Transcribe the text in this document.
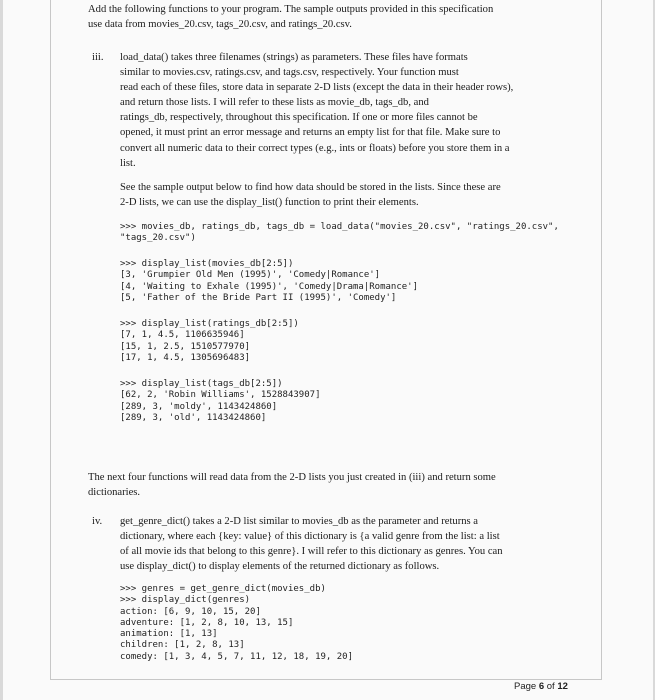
Add the following functions to your program. The sample outputs provided in this specification
use data from movies_20.csv, tags_20.csv, and ratings_20.csv.
iii. load_data() takes three filenames (strings) as parameters. These files have formats
similar to movies.csv, ratings.csv, and tags.csv, respectively. Your function must
read each of these files, store data in separate 2-D lists (except the data in their header rows),
and return those lists. I will refer to these lists as movie_db, tags_db, and
ratings_db, respectively, throughout this specification. If one or more files cannot be
opened, it must print an error message and returns an empty list for that file. Make sure to
convert all numeric data to their correct types (e.g., ints or floats) before you store them in a
list.
See the sample output below to find how data should be stored in the lists. Since these are
2-D lists, we can use the display_list() function to print their elements.
>>> movies_db, ratings_db, tags_db = load_data("movies_20.csv", "ratings_20.csv",
"tags_20.csv")
>>> display_list(movies_db[2:5])
[3, 'Grumpier Old Men (1995)', 'Comedy|Romance']
[4, 'Waiting to Exhale (1995)', 'Comedy|Drama|Romance']
[5, 'Father of the Bride Part II (1995)', 'Comedy']
>>> display_list(ratings_db[2:5])
[7, 1, 4.5, 1106635946]
[15, 1, 2.5, 1510577970]
[17, 1, 4.5, 1305696483]
>>> display_list(tags_db[2:5])
[62, 2, 'Robin Williams', 1528843907]
[289, 3, 'moldy', 1143424860]
[289, 3, 'old', 1143424860]
The next four functions will read data from the 2-D lists you just created in (iii) and return some
dictionaries.
iv. get_genre_dict() takes a 2-D list similar to movies_db as the parameter and returns a
dictionary, where each {key: value} of this dictionary is {a valid genre from the list: a list
of all movie ids that belong to this genre}. I will refer to this dictionary as genres. You can
use display_dict() to display elements of the returned dictionary as follows.
>>> genres = get_genre_dict(movies_db)
>>> display_dict(genres)
action: [6, 9, 10, 15, 20]
adventure: [1, 2, 8, 10, 13, 15]
animation: [1, 13]
children: [1, 2, 8, 13]
comedy: [1, 3, 4, 5, 7, 11, 12, 18, 19, 20]
Page 6 of 12
